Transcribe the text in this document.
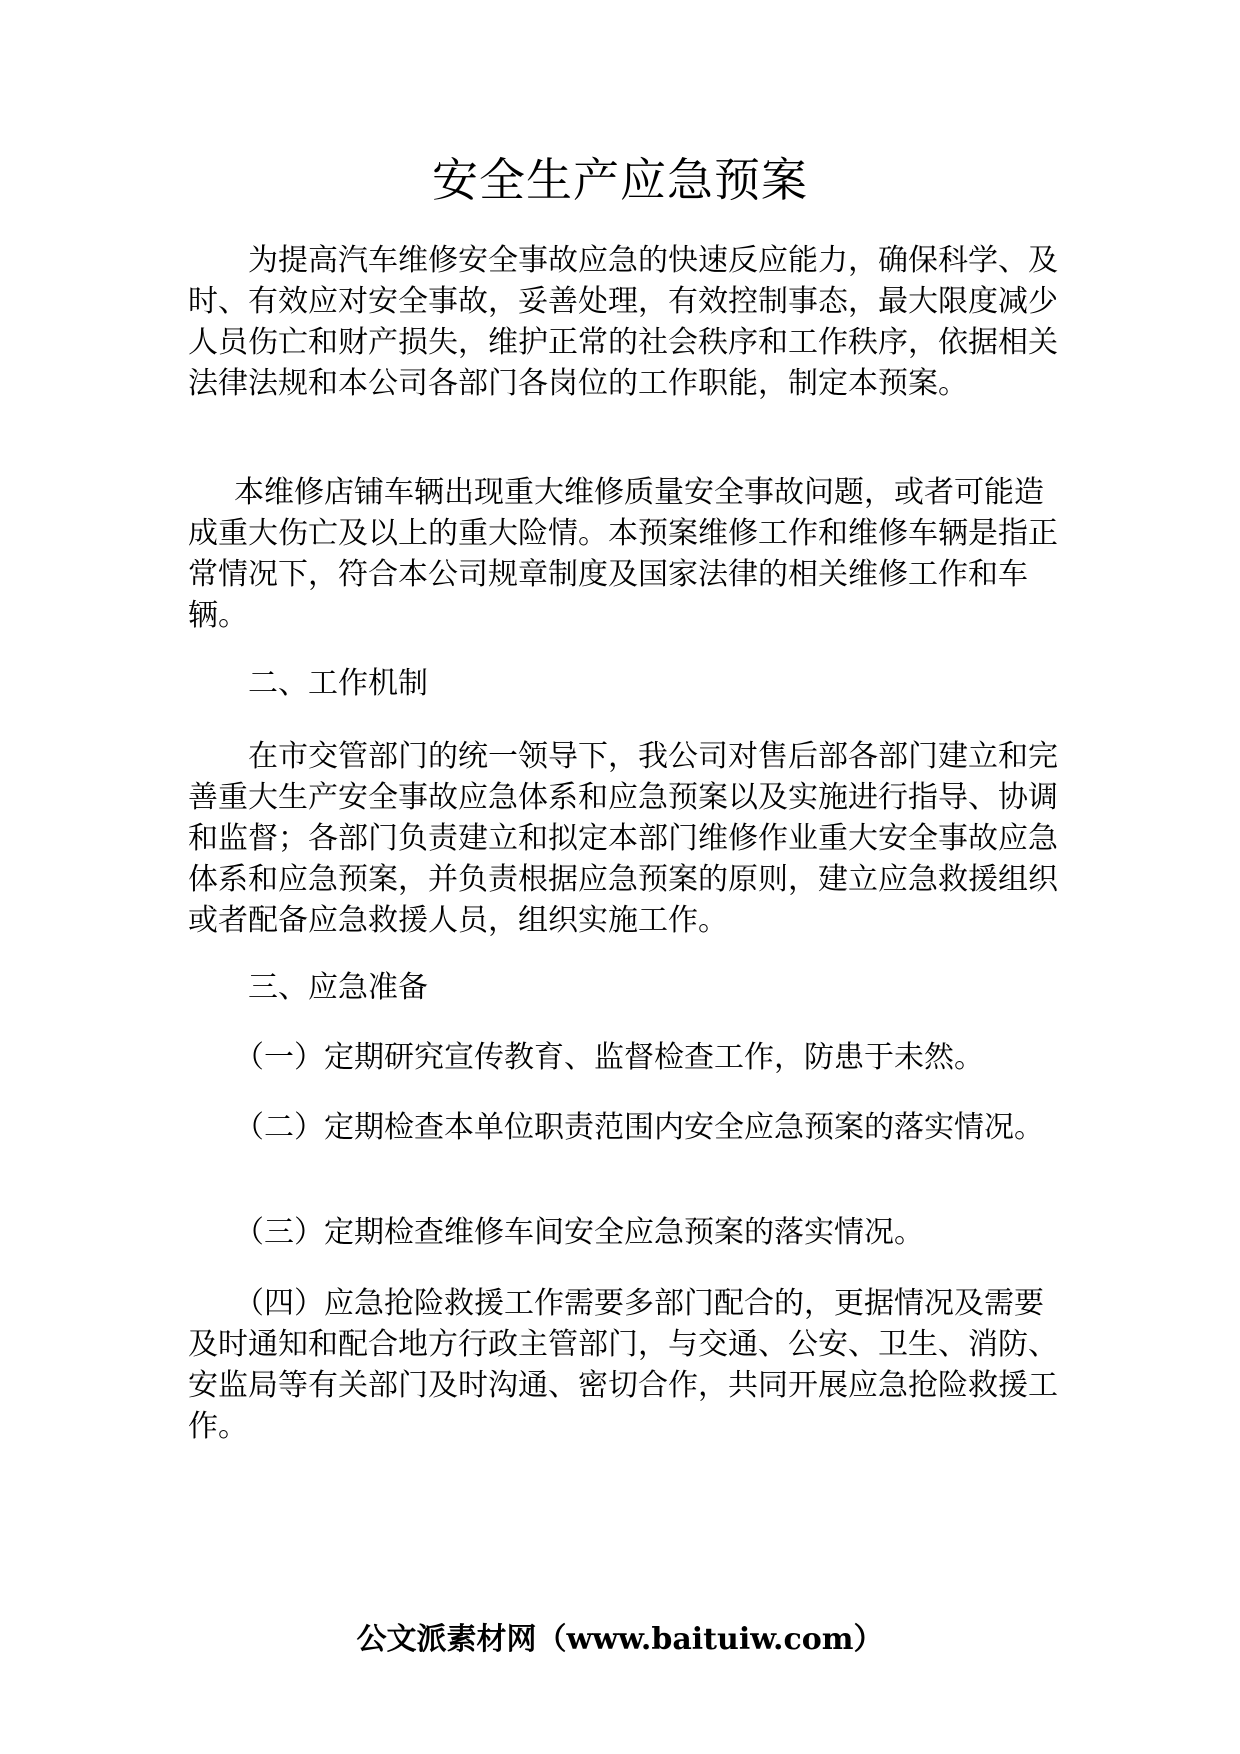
安全生产应急预案

为提高汽车维修安全事故应急的快速反应能力，确保科学、及时、有效应对安全事故，妥善处理，有效控制事态，最大限度减少人员伤亡和财产损失，维护正常的社会秩序和工作秩序，依据相关法律法规和本公司各部门各岗位的工作职能，制定本预案。

本维修店铺车辆出现重大维修质量安全事故问题，或者可能造成重大伤亡及以上的重大险情。本预案维修工作和维修车辆是指正常情况下，符合本公司规章制度及国家法律的相关维修工作和车辆。

二、工作机制

在市交管部门的统一领导下，我公司对售后部各部门建立和完善重大生产安全事故应急体系和应急预案以及实施进行指导、协调和监督；各部门负责建立和拟定本部门维修作业重大安全事故应急体系和应急预案，并负责根据应急预案的原则，建立应急救援组织或者配备应急救援人员，组织实施工作。

三、应急准备

（一）定期研究宣传教育、监督检查工作，防患于未然。

（二）定期检查本单位职责范围内安全应急预案的落实情况。

（三）定期检查维修车间安全应急预案的落实情况。

（四）应急抢险救援工作需要多部门配合的，更据情况及需要及时通知和配合地方行政主管部门，与交通、公安、卫生、消防、安监局等有关部门及时沟通、密切合作，共同开展应急抢险救援工作。

公文派素材网（www.baituiw.com）
